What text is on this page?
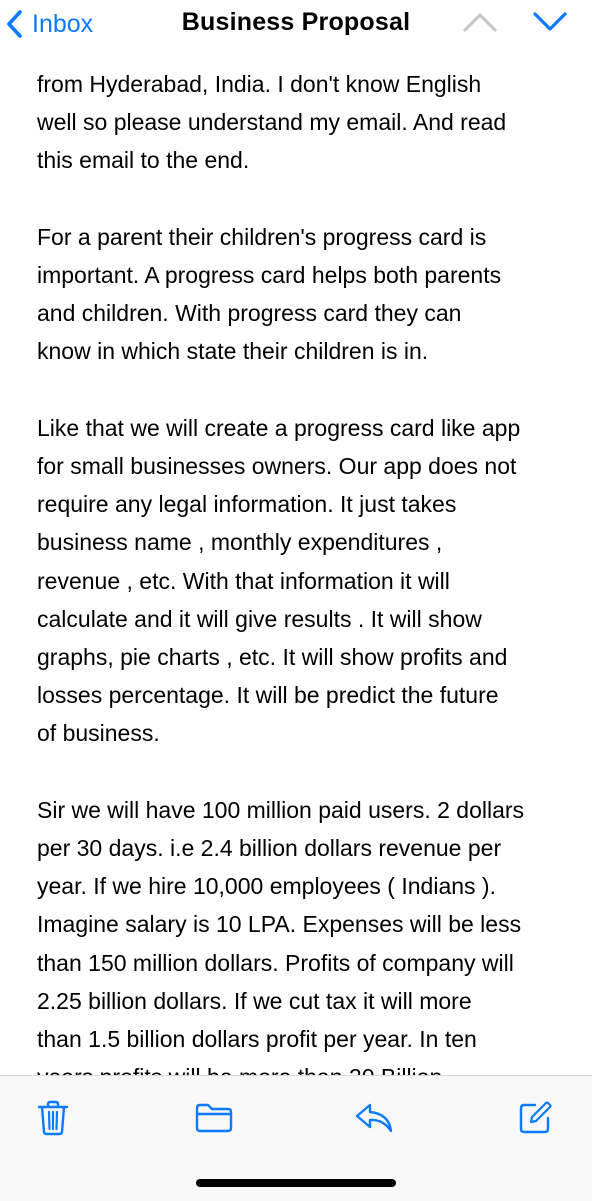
Inbox	Business Proposal

from Hyderabad, India. I don't know English
well so please understand my email. And read
this email to the end.

For a parent their children's progress card is
important. A progress card helps both parents
and children. With progress card they can
know in which state their children is in.

Like that we will create a progress card like app
for small businesses owners. Our app does not
require any legal information. It just takes
business name , monthly expenditures ,
revenue , etc. With that information it will
calculate and it will give results . It will show
graphs, pie charts , etc. It will show profits and
losses percentage. It will be predict the future
of business.

Sir we will have 100 million paid users. 2 dollars
per 30 days. i.e 2.4 billion dollars revenue per
year. If we hire 10,000 employees ( Indians ).
Imagine salary is 10 LPA. Expenses will be less
than 150 million dollars. Profits of company will
2.25 billion dollars. If we cut tax it will more
than 1.5 billion dollars profit per year. In ten
